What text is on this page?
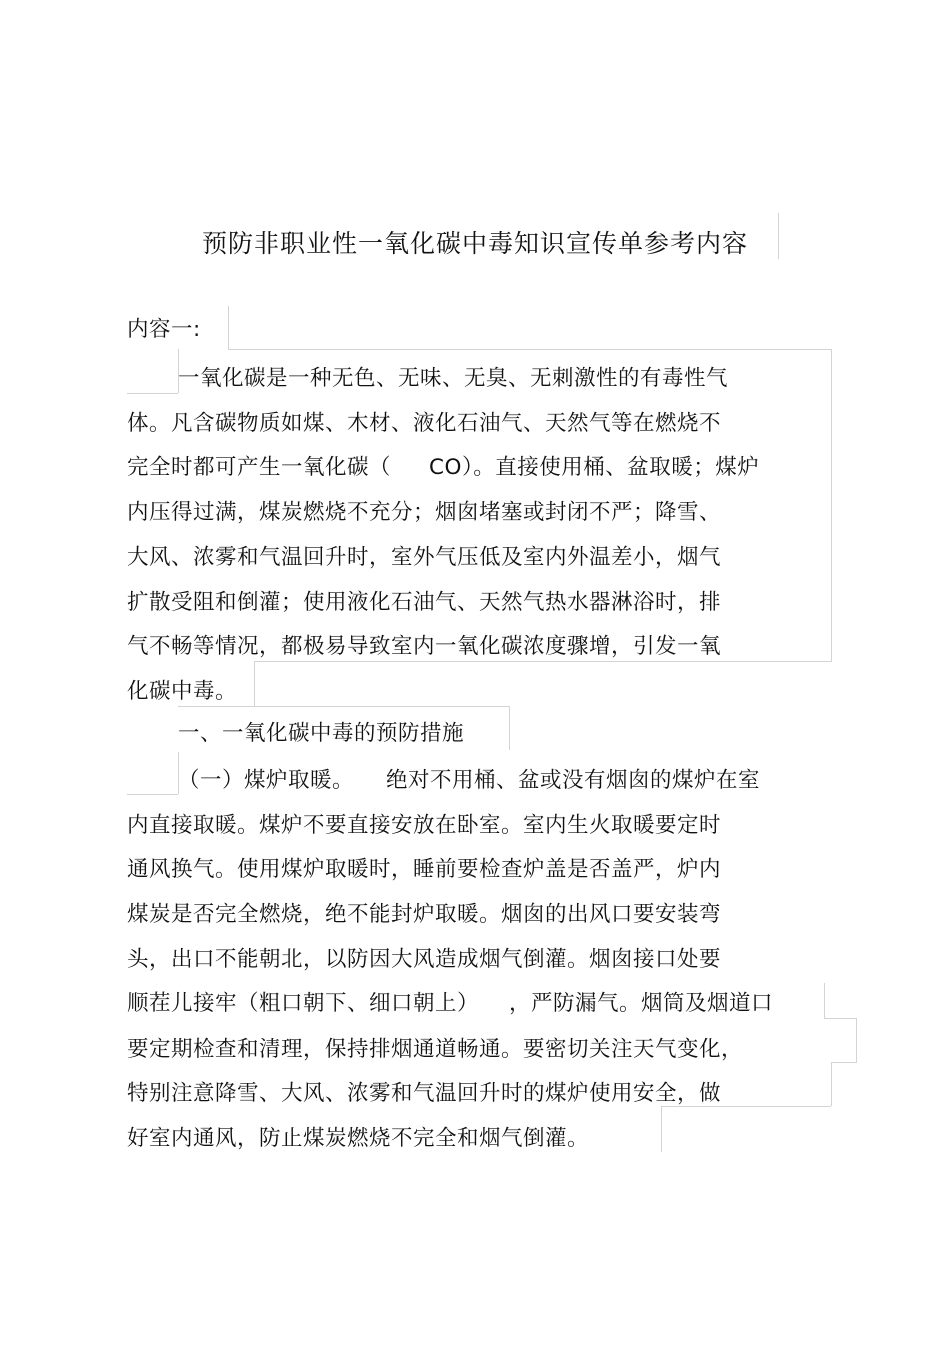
预防非职业性一氧化碳中毒知识宣传单参考内容
内容一:
一氧化碳是一种无色、无味、无臭、无刺激性的有毒性气
体。凡含碳物质如煤、木材、液化石油气、天然气等在燃烧不
完全时都可产生一氧化碳（ CO）。直接使用桶、盆取暖；煤炉
内压得过满，煤炭燃烧不充分；烟囱堵塞或封闭不严；降雪、
大风、浓雾和气温回升时，室外气压低及室内外温差小，烟气
扩散受阻和倒灌；使用液化石油气、天然气热水器淋浴时，排
气不畅等情况，都极易导致室内一氧化碳浓度骤增，引发一氧
化碳中毒。
一、一氧化碳中毒的预防措施
（一）煤炉取暖。 绝对不用桶、盆或没有烟囱的煤炉在室
内直接取暖。煤炉不要直接安放在卧室。室内生火取暖要定时
通风换气。使用煤炉取暖时，睡前要检查炉盖是否盖严，炉内
煤炭是否完全燃烧，绝不能封炉取暖。烟囱的出风口要安装弯
头，出口不能朝北，以防因大风造成烟气倒灌。烟囱接口处要
顺茬儿接牢（粗口朝下、细口朝上） ，严防漏气。烟筒及烟道口
要定期检查和清理，保持排烟通道畅通。要密切关注天气变化，
特别注意降雪、大风、浓雾和气温回升时的煤炉使用安全，做
好室内通风，防止煤炭燃烧不完全和烟气倒灌。
